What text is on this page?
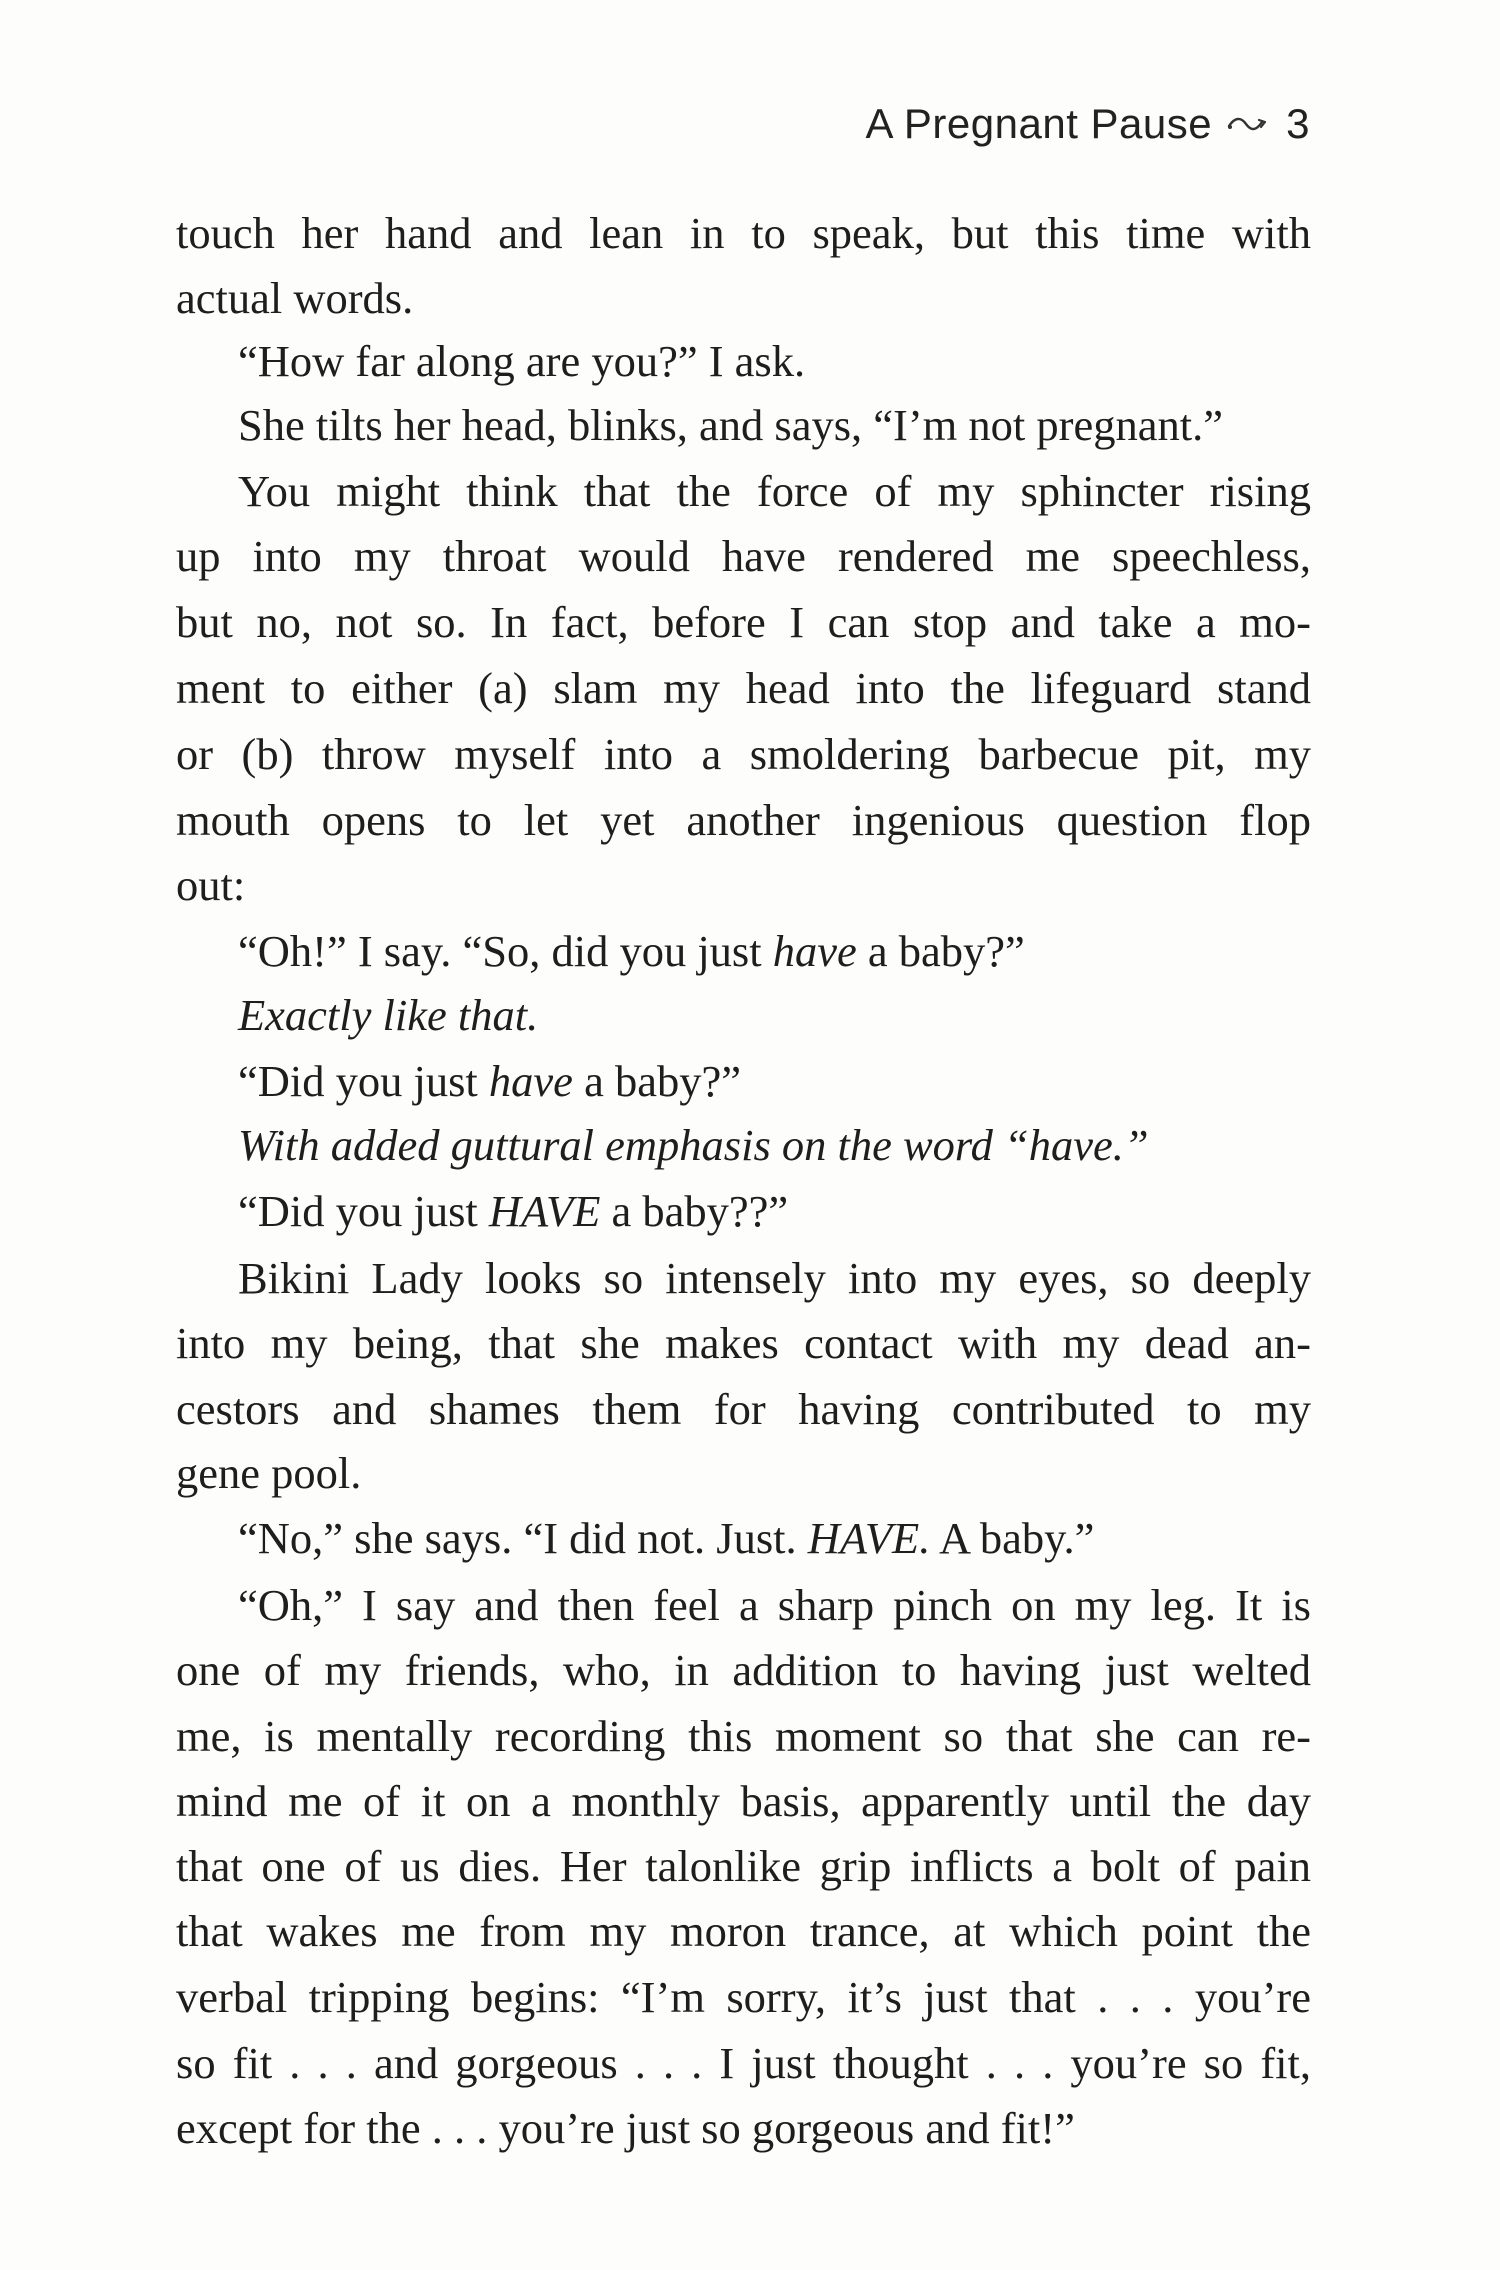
A Pregnant Pause 3
touch her hand and lean in to speak, but this time with
actual words.
“How far along are you?” I ask.
She tilts her head, blinks, and says, “I’m not pregnant.”
You might think that the force of my sphincter rising
up into my throat would have rendered me speechless,
but no, not so. In fact, before I can stop and take a mo-
ment to either (a) slam my head into the lifeguard stand
or (b) throw myself into a smoldering barbecue pit, my
mouth opens to let yet another ingenious question flop
out:
“Oh!” I say. “So, did you just have a baby?”
Exactly like that.
“Did you just have a baby?”
With added guttural emphasis on the word “have.”
“Did you just HAVE a baby??”
Bikini Lady looks so intensely into my eyes, so deeply
into my being, that she makes contact with my dead an-
cestors and shames them for having contributed to my
gene pool.
“No,” she says. “I did not. Just. HAVE. A baby.”
“Oh,” I say and then feel a sharp pinch on my leg. It is
one of my friends, who, in addition to having just welted
me, is mentally recording this moment so that she can re-
mind me of it on a monthly basis, apparently until the day
that one of us dies. Her talonlike grip inflicts a bolt of pain
that wakes me from my moron trance, at which point the
verbal tripping begins: “I’m sorry, it’s just that . . . you’re
so fit . . . and gorgeous . . . I just thought . . . you’re so fit,
except for the . . . you’re just so gorgeous and fit!”
